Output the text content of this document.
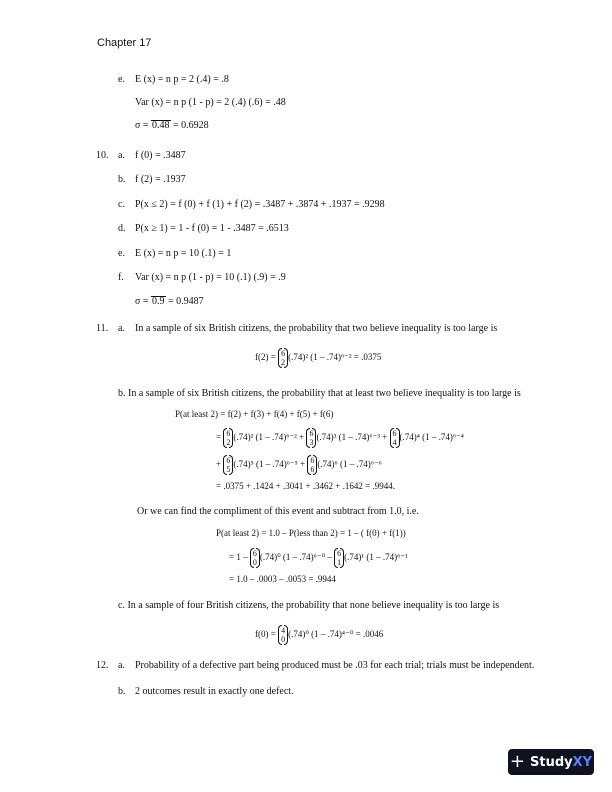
Chapter 17
e. E (x) = n p = 2 (.4) = .8
Var (x) = n p (1 - p) = 2 (.4) (.6) = .48
σ = 0.48 = 0.6928
10. a. f (0) = .3487
b. f (2) = .1937
c. P(x ≤ 2) = f (0) + f (1) + f (2) = .3487 + .3874 + .1937 = .9298
d. P(x ≥ 1) = 1 - f (0) = 1 - .3487 = .6513
e. E (x) = n p = 10 (.1) = 1
f. Var (x) = n p (1 - p) = 10 (.1) (.9) = .9
σ = 0.9 = 0.9487
11. a. In a sample of six British citizens, the probability that two believe inequality is too large is
f(2) = 6
2
(.74)² (1 – .74)⁶⁻² = .0375
b. In a sample of six British citizens, the probability that at least two believe inequality is too large is
P(at least 2) = f(2) + f(3) + f(4) + f(5) + f(6)
= 6
2
(.74)² (1 – .74)⁶⁻² + 6
3
(.74)³ (1 – .74)⁶⁻³ + 6
4
(.74)⁴ (1 – .74)⁶⁻⁴
+ 6
5
(.74)⁵ (1 – .74)⁶⁻⁵ + 6
6
(.74)⁶ (1 – .74)⁶⁻⁶
= .0375 + .1424 + .3041 + .3462 + .1642 = .9944.
Or we can find the compliment of this event and subtract from 1.0, i.e.
P(at least 2) = 1.0 – P(less than 2) = 1 – ( f(0) + f(1))
= 1 – 6
0
(.74)⁰ (1 – .74)⁶⁻⁰ – 6
1
(.74)¹ (1 – .74)⁶⁻¹
= 1.0 – .0003 – .0053 = .9944
c. In a sample of four British citizens, the probability that none believe inequality is too large is
f(0) = 4
0
(.74)⁰ (1 – .74)⁴⁻⁰ = .0046
12. a. Probability of a defective part being produced must be .03 for each trial; trials must be independent.
b. 2 outcomes result in exactly one defect.
+ StudyXY
